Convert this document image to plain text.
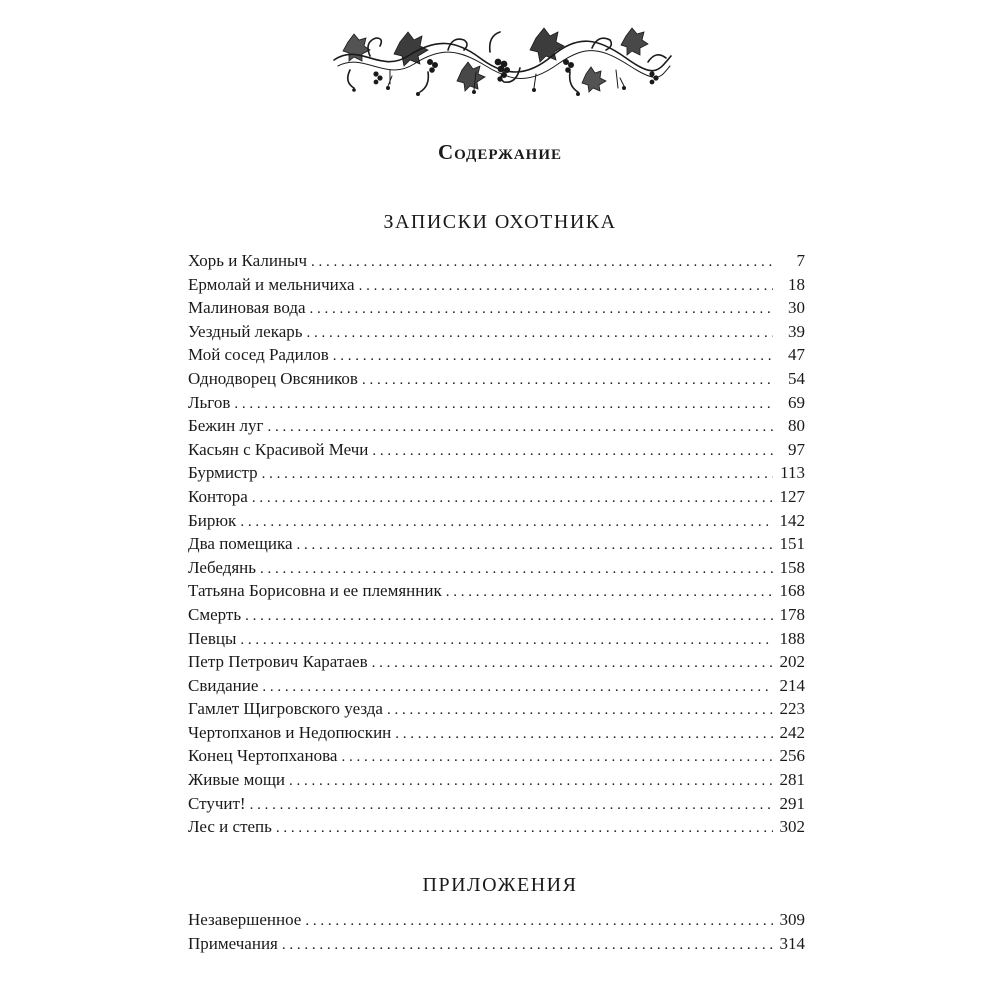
Содержание
ЗАПИСКИ ОХОТНИКА
Хорь и Калиныч . . .	7
Ермолай и мельничиха . . .	18
Малиновая вода . . .	30
Уездный лекарь . . .	39
Мой сосед Радилов . . .	47
Однодворец Овсяников . . .	54
Льгов . . .	69
Бежин луг . . .	80
Касьян с Красивой Мечи . . .	97
Бурмистр . . .	113
Контора . . .	127
Бирюк . . .	142
Два помещика . . .	151
Лебедянь . . .	158
Татьяна Борисовна и ее племянник . . .	168
Смерть . . .	178
Певцы . . .	188
Петр Петрович Каратаев . . .	202
Свидание . . .	214
Гамлет Щигровского уезда . . .	223
Чертопханов и Недопюскин . . .	242
Конец Чертопханова . . .	256
Живые мощи . . .	281
Стучит! . . .	291
Лес и степь . . .	302
ПРИЛОЖЕНИЯ
Незавершенное . . .	309
Примечания . . .	314
